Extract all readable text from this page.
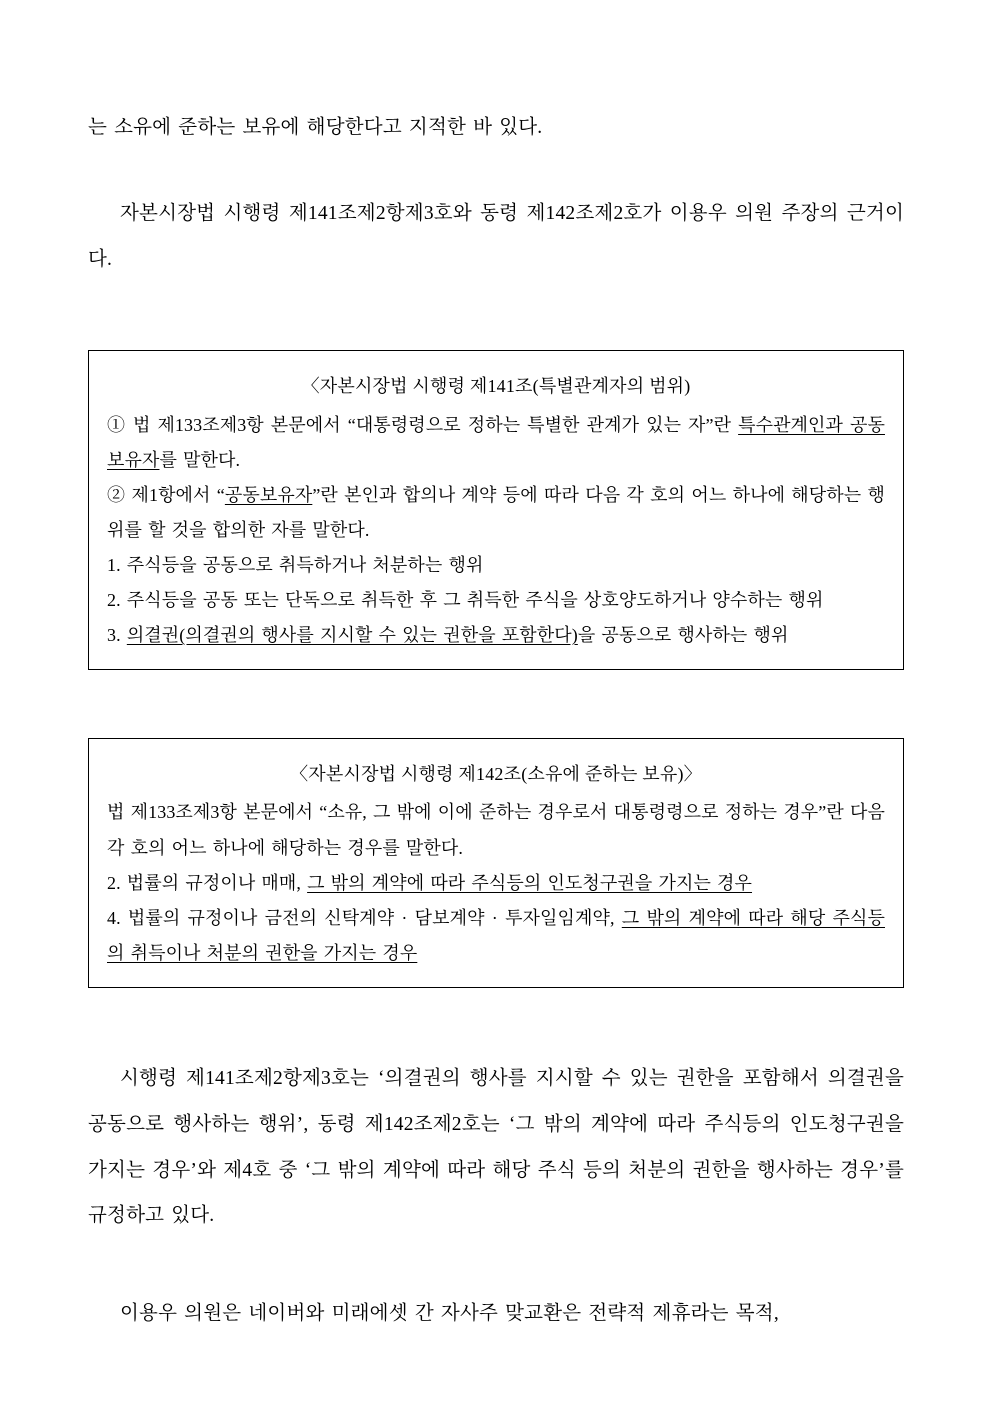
는 소유에 준하는 보유에 해당한다고 지적한 바 있다.

자본시장법 시행령 제141조제2항제3호와 동령 제142조제2호가 이용우 의원 주장의 근거이다.

〈자본시장법 시행령 제141조(특별관계자의 범위)

① 법 제133조제3항 본문에서 “대통령령으로 정하는 특별한 관계가 있는 자”란 특수관계인과 공동보유자를 말한다.

② 제1항에서 “공동보유자”란 본인과 합의나 계약 등에 따라 다음 각 호의 어느 하나에 해당하는 행위를 할 것을 합의한 자를 말한다.

1. 주식등을 공동으로 취득하거나 처분하는 행위

2. 주식등을 공동 또는 단독으로 취득한 후 그 취득한 주식을 상호양도하거나 양수하는 행위

3. 의결권(의결권의 행사를 지시할 수 있는 권한을 포함한다)을 공동으로 행사하는 행위

〈자본시장법 시행령 제142조(소유에 준하는 보유)〉

법 제133조제3항 본문에서 “소유, 그 밖에 이에 준하는 경우로서 대통령령으로 정하는 경우”란 다음 각 호의 어느 하나에 해당하는 경우를 말한다.

2. 법률의 규정이나 매매, 그 밖의 계약에 따라 주식등의 인도청구권을 가지는 경우

4. 법률의 규정이나 금전의 신탁계약 · 담보계약 · 투자일임계약, 그 밖의 계약에 따라 해당 주식등의 취득이나 처분의 권한을 가지는 경우

시행령 제141조제2항제3호는 ‘의결권의 행사를 지시할 수 있는 권한을 포함해서 의결권을 공동으로 행사하는 행위’, 동령 제142조제2호는 ‘그 밖의 계약에 따라 주식등의 인도청구권을 가지는 경우’와 제4호 중 ‘그 밖의 계약에 따라 해당 주식 등의 처분의 권한을 행사하는 경우’를 규정하고 있다.

이용우 의원은 네이버와 미래에셋 간 자사주 맞교환은 전략적 제휴라는 목적,
